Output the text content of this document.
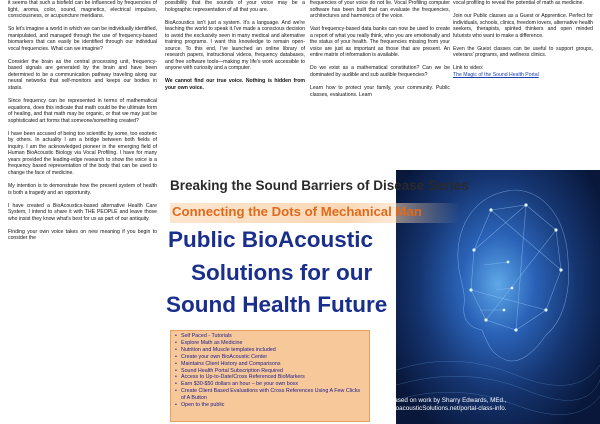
it seems that such a biofield can be influenced by frequencies of light, aroma, color, sound, magnetics, electrical impulses, consciousness, or acupuncture meridians.

So let's imagine a world in which we can be individually identified, manipulated, and managed through the use of frequency-based biomarkers that can easily be identified through our individual vocal frequencies. What can we imagine?

Consider the brain as the central processing unit, frequency-based signals are generated by the brain and have been determined to be a communication pathway traveling along our neural networks that self-monitors and keeps our bodies in stasis.

Since frequency can be represented in terms of mathematical equations, does this indicate that math could be the ultimate form of healing, and that math may be organic, or that we may just be sophisticated art forms that someone/something created?

I have been accused of being too scientific by some, too esoteric by others. In actuality I am a bridge between both fields of inquiry. I am the acknowledged pioneer in the emerging field of Human BioAcoustic Biology via Vocal Profiling. I have for many years provided the leading-edge research to show the voice is a frequency based representation of the body that can be used to change the face of medicine.

My intention is to demonstrate how the present system of health is both a tragedy and an opportunity.

I have created a BioAcoustics-based alternative Health Care System, I intend to share it with THE PEOPLE and leave those who insist they know what's best for us as part of our antiquity.

Finding your own voice takes on new meaning if you begin to consider the

possibility that the sounds of your voice may be a holographic representation of all that you are.

BioAcoustics isn't just a system. It's a language. And we're teaching the world to speak it.I've made a conscious decision to avoid the exclusivity seen in many medical and alternative training programs. I want this knowledge to remain open-source. To this end, I've launched an online library of research papers, instructional videos, frequency databases, and free software tools—making my life's work accessible to anyone with curiosity and a computer.

We cannot find our true voice. Nothing is hidden from your own voice.

frequencies of your voice do not lie. Vocal Profiling computer software has been built that can evaluate the frequencies, architectures and harmonics of the voice.

Vast frequency-based data banks can now be used to create a report of what you really think, who you are emotionally and the status of your health. The frequencies missing from your voice are just as important as those that are present. An entire matrix of information is available.

Do we exist as a mathematical constitution? Can we be dominated by audible and sub audible frequencies?

Learn how to protect your family, your community. Public classes, evaluations. Learn

vocal profiling to reveal the potential of math as medicine.

Join our Public classes as a Guest or Apprentice. Perfect for individuals, schools, clinics, freedom lovers, alternative health seekers, therapists, spirited thinkers and open minded futurists who want to make a difference.

Even the Guest classes can be useful to support groups, veterans' programs, and wellness clinics.

Link to video:
The Magic of the Sound Health Portal

Breaking the Sound Barriers of Disease Series
Connecting the Dots of Mechanical Man
Public BioAcoustic
Solutions for our
Sound Health Future
• Self Paced - Tutorials
• Explore Math as Medicine
• Nutrition and Muscle templates included
• Create your own BioAcoustic Center
• Maintains Client History and Comparisons
• Sound Health Portal Subscription Required
• Access to Up-to-Date/Cross Referenced BioMarkers
• Earn $30-$50 dollars an hour – be your own boxx
• Create Client Based Evaluations with Cross References Using A Few Clicks of A Button
• Open to the public
Based on work by Sharry Edwards, MEd., BioacousticSolutions.net/portal-class-info.
